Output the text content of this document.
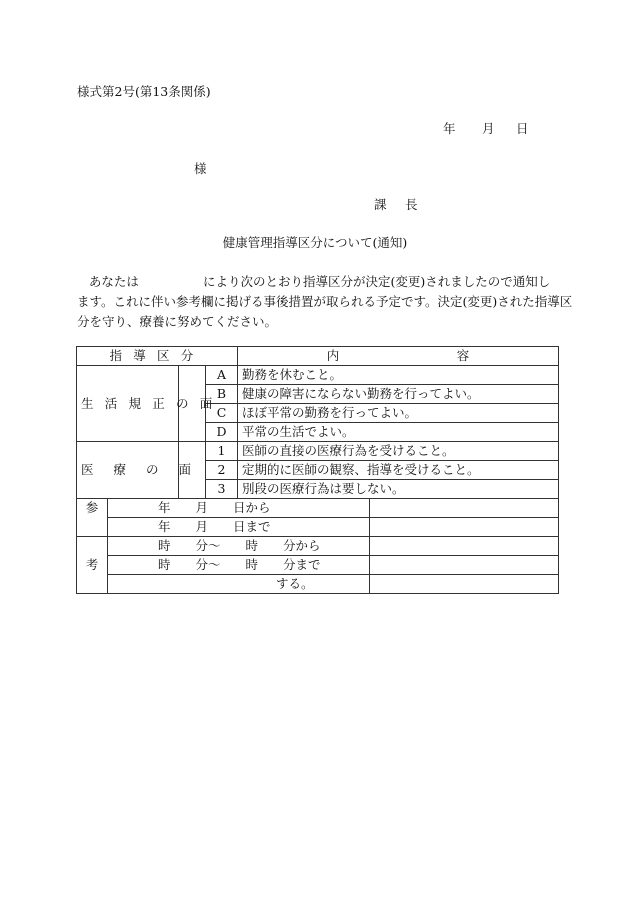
様式第2号(第13条関係)
年 月 日
様
課 長
健康管理指導区分について(通知)
あなたは	により次のとおり指導区分が決定(変更)されましたので通知し
ます。これに伴い参考欄に掲げる事後措置が取られる予定です。決定(変更)された指導区
分を守り、療養に努めてください。
指導区分				内 容	
生活規正の面			A	勤務を休むこと。	
			B	健康の障害にならない勤務を行ってよい。	
			C	ほぼ平常の勤務を行ってよい。	
			D	平常の生活でよい。	
医療の面			1	医師の直接の医療行為を受けること。	
			2	定期的に医師の観察、指導を受けること。	
			3	別段の医療行為は要しない。	
参	年　　月　　日から				
	年　　月　　日まで				
考	時　　分～　　時　　分から				
	時　　分～　　時　　分まで				
	する。				
